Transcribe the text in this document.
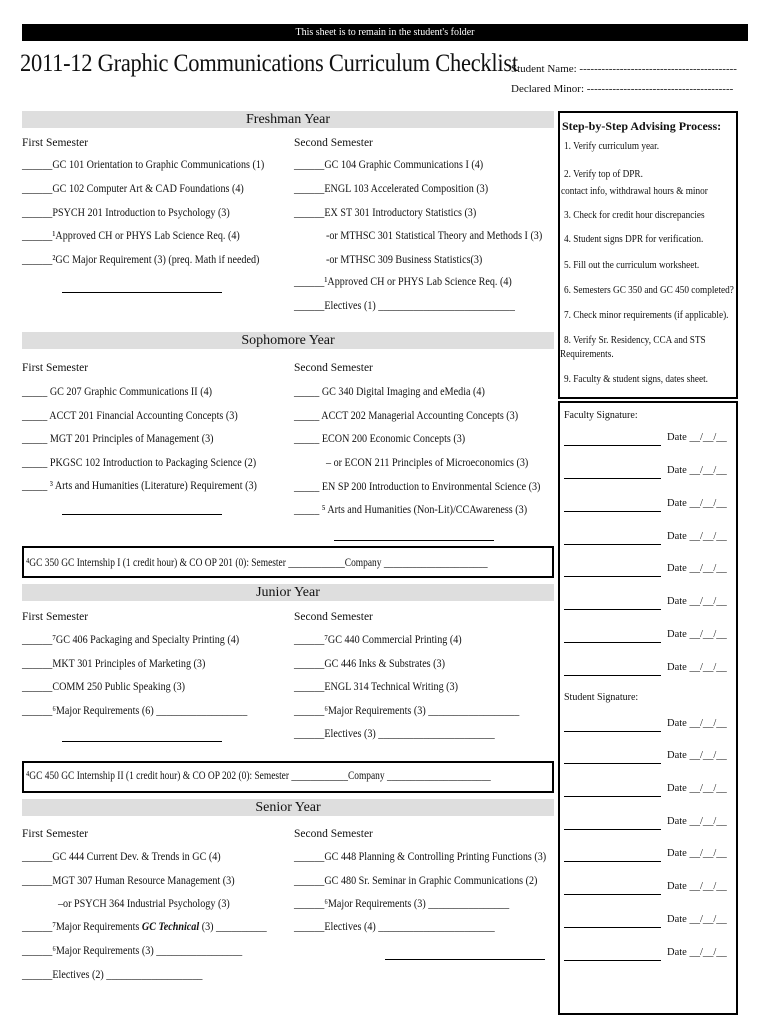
This sheet is to remain in the student's folder
2011-12 Graphic Communications Curriculum Checklist
Student Name: -------------------------------------------
Declared Minor: ----------------------------------------
Freshman Year
First Semester	Second Semester
______GC 101 Orientation to Graphic Communications (1)
______GC 102 Computer Art & CAD Foundations (4)
______PSYCH 201 Introduction to Psychology (3)
______¹Approved CH or PHYS Lab Science Req. (4)
______²GC Major Requirement (3) (preq. Math if needed)
______GC 104 Graphic Communications I (4)
______ENGL 103 Accelerated Composition (3)
______EX ST 301 Introductory Statistics (3)
-or MTHSC 301 Statistical Theory and Methods I (3)
-or MTHSC 309 Business Statistics(3)
______¹Approved CH or PHYS Lab Science Req. (4)
______Electives (1) ___________________________
Sophomore Year
First Semester	Second Semester
_____ GC 207 Graphic Communications II (4)
_____ ACCT 201 Financial Accounting Concepts (3)
_____ MGT 201 Principles of Management (3)
_____ PKGSC 102 Introduction to Packaging Science (2)
_____ ³ Arts and Humanities (Literature) Requirement (3)
_____ GC 340 Digital Imaging and eMedia (4)
_____ ACCT 202 Managerial Accounting Concepts (3)
_____ ECON 200 Economic Concepts (3)
– or ECON 211 Principles of Microeconomics (3)
_____ EN SP 200 Introduction to Environmental Science (3)
_____ ⁵ Arts and Humanities (Non-Lit)/CCAwareness (3)
⁴GC 350 GC Internship I (1 credit hour) & CO OP 201 (0): Semester ____________Company ______________________
Junior Year
First Semester	Second Semester
______⁷GC 406 Packaging and Specialty Printing (4)
______MKT 301 Principles of Marketing (3)
______COMM 250 Public Speaking (3)
______⁶Major Requirements (6) __________________
______⁷GC 440 Commercial Printing (4)
______GC 446 Inks & Substrates (3)
______ENGL 314 Technical Writing (3)
______⁶Major Requirements (3) __________________
______Electives (3) _______________________
⁴GC 450 GC Internship II (1 credit hour) & CO OP 202 (0): Semester ____________Company ______________________
Senior Year
First Semester	Second Semester
______GC 444 Current Dev. & Trends in GC (4)
______MGT 307 Human Resource Management (3)
–or PSYCH 364 Industrial Psychology (3)
______⁷Major Requirements GC Technical (3) __________
______⁶Major Requirements (3) _________________
______Electives (2) ___________________
______GC 448 Planning & Controlling Printing Functions (3)
______GC 480 Sr. Seminar in Graphic Communications (2)
______⁶Major Requirements (3) ________________
______Electives (4) _______________________
Step-by-Step Advising Process:
1. Verify curriculum year.
2. Verify top of DPR.
contact info, withdrawal hours & minor
3. Check for credit hour discrepancies
4. Student signs DPR for verification.
5. Fill out the curriculum worksheet.
6. Semesters GC 350 and GC 450 completed?
7. Check minor requirements (if applicable).
8. Verify Sr. Residency, CCA and STS
Requirements.
9. Faculty & student signs, dates sheet.
Faculty Signature:
Student Signature:
Date __/__/__
Date __/__/__
Date __/__/__
Date __/__/__
Date __/__/__
Date __/__/__
Date __/__/__
Date __/__/__
Date __/__/__
Date __/__/__
Date __/__/__
Date __/__/__
Date __/__/__
Date __/__/__
Date __/__/__
Date __/__/__
